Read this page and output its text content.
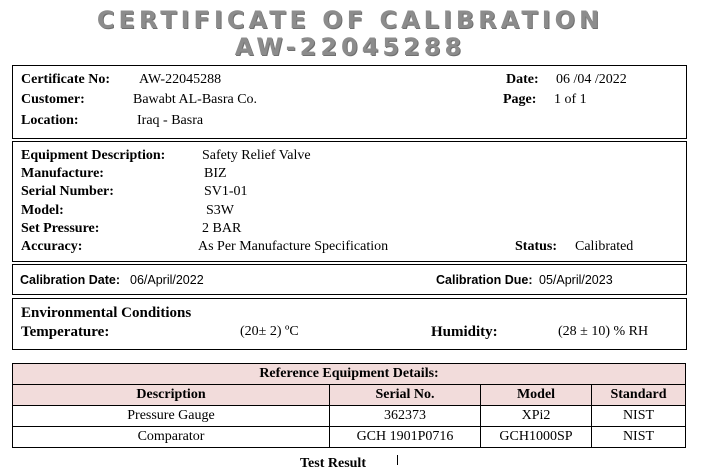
CERTIFICATE OF CALIBRATION
AW-22045288
Certificate No: AW-22045288	Date: 06 /04 /2022
Customer:	Bawabt AL-Basra Co.	Page: 1 of 1
Location:	Iraq - Basra
Equipment Description:	Safety Relief Valve
Manufacture:	BIZ
Serial Number:	SV1-01
Model:	S3W
Set Pressure:	2 BAR
Accuracy:	As Per Manufacture Specification	Status: Calibrated
Calibration Date: 06/April/2022	Calibration Due: 05/April/2023
Environmental Conditions
Temperature:	(20± 2) ºC	Humidity:	(28 ± 10) % RH
Reference Equipment Details:			
Description	Serial No.	Model	Standard
Pressure Gauge	362373	XPi2	NIST
Comparator	GCH 1901P0716	GCH1000SP	NIST
Test Result
